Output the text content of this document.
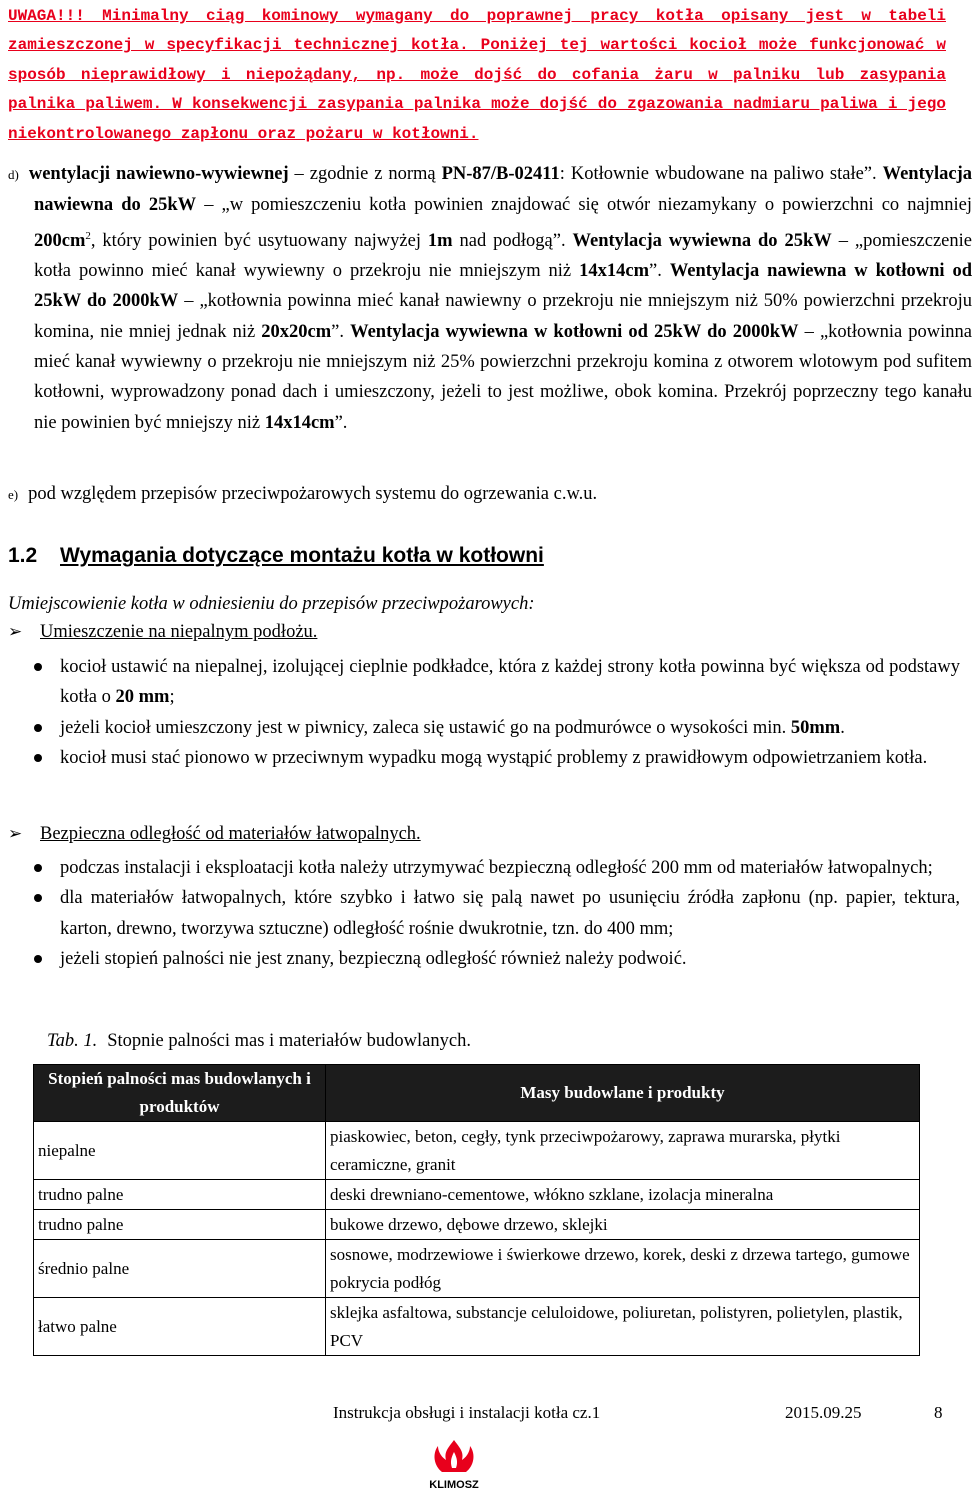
UWAGA!!! Minimalny ciąg kominowy wymagany do poprawnej pracy kotła opisany jest w tabeli zamieszczonej w specyfikacji technicznej kotła. Poniżej tej wartości kocioł może funkcjonować w sposób nieprawidłowy i niepożądany, np. może dojść do cofania żaru w palniku lub zasypania palnika paliwem. W konsekwencji zasypania palnika może dojść do zgazowania nadmiaru paliwa i jego niekontrolowanego zapłonu oraz pożaru w kotłowni.
d) wentylacji nawiewno-wywiewnej – zgodnie z normą PN-87/B-02411: Kotłownie wbudowane na paliwo stałe”. Wentylacja nawiewna do 25kW – „w pomieszczeniu kotła powinien znajdować się otwór niezamykany o powierzchni co najmniej $200cm^2$, który powinien być usytuowany najwyżej 1m nad podłogą”. Wentylacja wywiewna do 25kW – „pomieszczenie kotła powinno mieć kanał wywiewny o przekroju nie mniejszym niż 14x14cm”. Wentylacja nawiewna w kotłowni od 25kW do 2000kW – „kotłownia powinna mieć kanał nawiewny o przekroju nie mniejszym niż 50% powierzchni przekroju komina, nie mniej jednak niż 20x20cm”. Wentylacja wywiewna w kotłowni od 25kW do 2000kW – „kotłownia powinna mieć kanał wywiewny o przekroju nie mniejszym niż 25% powierzchni przekroju komina z otworem wlotowym pod sufitem kotłowni, wyprowadzony ponad dach i umieszczony, jeżeli to jest możliwe, obok komina. Przekrój poprzeczny tego kanału nie powinien być mniejszy niż 14x14cm”.
e) pod względem przepisów przeciwpożarowych systemu do ogrzewania c.w.u.
1.2 Wymagania dotyczące montażu kotła w kotłowni
Umiejscowienie kotła w odniesieniu do przepisów przeciwpożarowych:
➢ Umieszczenie na niepalnym podłożu.
kocioł ustawić na niepalnej, izolującej cieplnie podkładce, która z każdej strony kotła powinna być większa od podstawy kotła o 20 mm;
jeżeli kocioł umieszczony jest w piwnicy, zaleca się ustawić go na podmurówce o wysokości min. 50mm.
kocioł musi stać pionowo w przeciwnym wypadku mogą wystąpić problemy z prawidłowym odpowietrzaniem kotła.
➢ Bezpieczna odległość od materiałów łatwopalnych.
podczas instalacji i eksploatacji kotła należy utrzymywać bezpieczną odległość 200 mm od materiałów łatwopalnych;
dla materiałów łatwopalnych, które szybko i łatwo się palą nawet po usunięciu źródła zapłonu (np. papier, tektura, karton, drewno, tworzywa sztuczne) odległość rośnie dwukrotnie, tzn. do 400 mm;
jeżeli stopień palności nie jest znany, bezpieczną odległość również należy podwoić.
Tab. 1. Stopnie palności mas i materiałów budowlanych.
Stopień palności mas budowlanych i produktów	Masy budowlane i produkty
niepalne	piaskowiec, beton, cegły, tynk przeciwpożarowy, zaprawa murarska, płytki ceramiczne, granit
trudno palne	deski drewniano-cementowe, włókno szklane, izolacja mineralna
trudno palne	bukowe drzewo, dębowe drzewo, sklejki
średnio palne	sosnowe, modrzewiowe i świerkowe drzewo, korek, deski z drzewa tartego, gumowe pokrycia podłóg
łatwo palne	sklejka asfaltowa, substancje celuloidowe, poliuretan, polistyren, polietylen, plastik, PCV
Instrukcja obsługi i instalacji kotła cz.1	2015.09.25	8
KLIMOSZ
